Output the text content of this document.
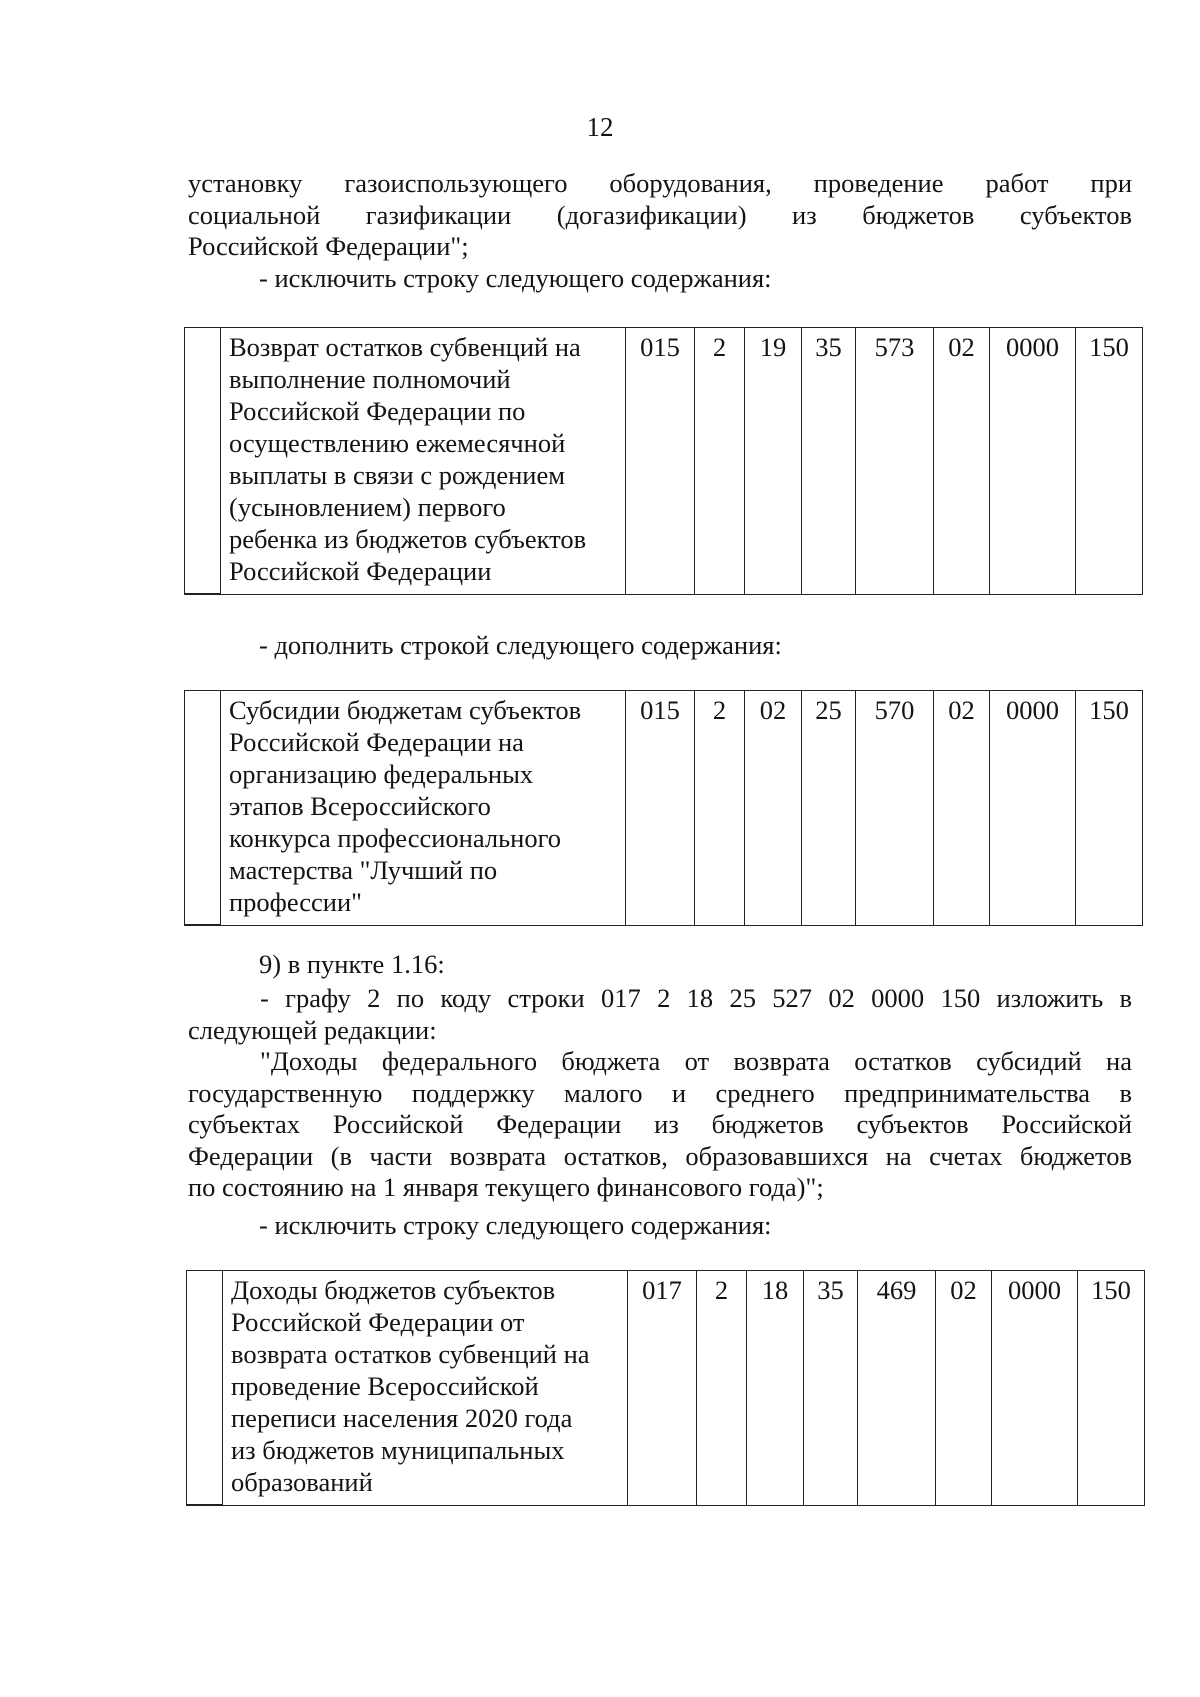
12

установку газоиспользующего оборудования, проведение работ при

социальной газификации (догазификации) из бюджетов субъектов

Российской Федерации";

- исключить строку следующего содержания:

Возврат остатков субвенций на
выполнение полномочий
Российской Федерации по
осуществлению ежемесячной
выплаты в связи с рождением
(усыновлением) первого
ребенка из бюджетов субъектов
Российской Федерации
	015	2	19	35	573	02	0000	150
- дополнить строкой следующего содержания:

Субсидии бюджетам субъектов
Российской Федерации на
организацию федеральных
этапов Всероссийского
конкурса профессионального
мастерства "Лучший по
профессии"
	015	2	02	25	570	02	0000	150
9) в пункте 1.16:

- графу 2 по коду строки 017 2 18 25 527 02 0000 150 изложить в

следующей редакции:

"Доходы федерального бюджета от возврата остатков субсидий на

государственную поддержку малого и среднего предпринимательства в

субъектах Российской Федерации из бюджетов субъектов Российской

Федерации (в части возврата остатков, образовавшихся на счетах бюджетов

по состоянию на 1 января текущего финансового года)";

- исключить строку следующего содержания:

Доходы бюджетов субъектов
Российской Федерации от
возврата остатков субвенций на
проведение Всероссийской
переписи населения 2020 года
из бюджетов муниципальных
образований
	017	2	18	35	469	02	0000	150
